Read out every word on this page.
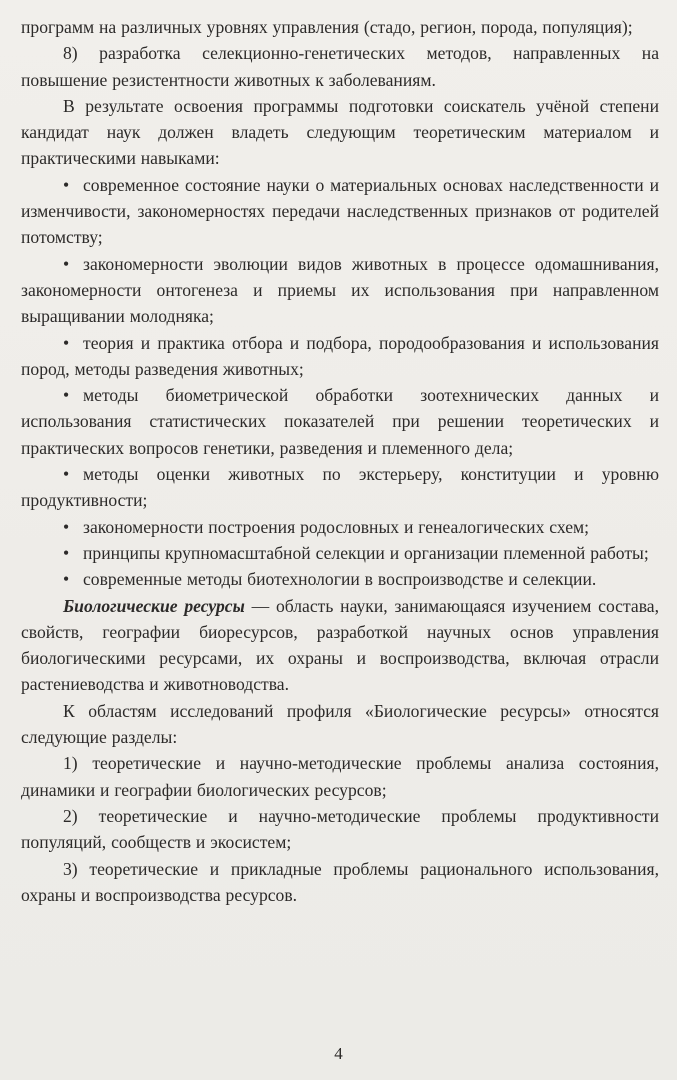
программ на различных уровнях управления (стадо, регион, порода, популяция);

8) разработка селекционно-генетических методов, направленных на повышение резистентности животных к заболеваниям.

В результате освоения программы подготовки соискатель учёной степени кандидат наук должен владеть следующим теоретическим материалом и практическими навыками:

• современное состояние науки о материальных основах наследственности и изменчивости, закономерностях передачи наследственных признаков от родителей потомству;

• закономерности эволюции видов животных в процессе одомашнивания, закономерности онтогенеза и приемы их использования при направленном выращивании молодняка;

• теория и практика отбора и подбора, породообразования и использования пород, методы разведения животных;

• методы биометрической обработки зоотехнических данных и использования статистических показателей при решении теоретических и практических вопросов генетики, разведения и племенного дела;

• методы оценки животных по экстерьеру, конституции и уровню продуктивности;

• закономерности построения родословных и генеалогических схем;

• принципы крупномасштабной селекции и организации племенной работы;

• современные методы биотехнологии в воспроизводстве и селекции.

Биологические ресурсы — область науки, занимающаяся изучением состава, свойств, географии биоресурсов, разработкой научных основ управления биологическими ресурсами, их охраны и воспроизводства, включая отрасли растениеводства и животноводства.

К областям исследований профиля «Биологические ресурсы» относятся следующие разделы:

1) теоретические и научно-методические проблемы анализа состояния, динамики и географии биологических ресурсов;

2) теоретические и научно-методические проблемы продуктивности популяций, сообществ и экосистем;

3) теоретические и прикладные проблемы рационального использования, охраны и воспроизводства ресурсов.

4
